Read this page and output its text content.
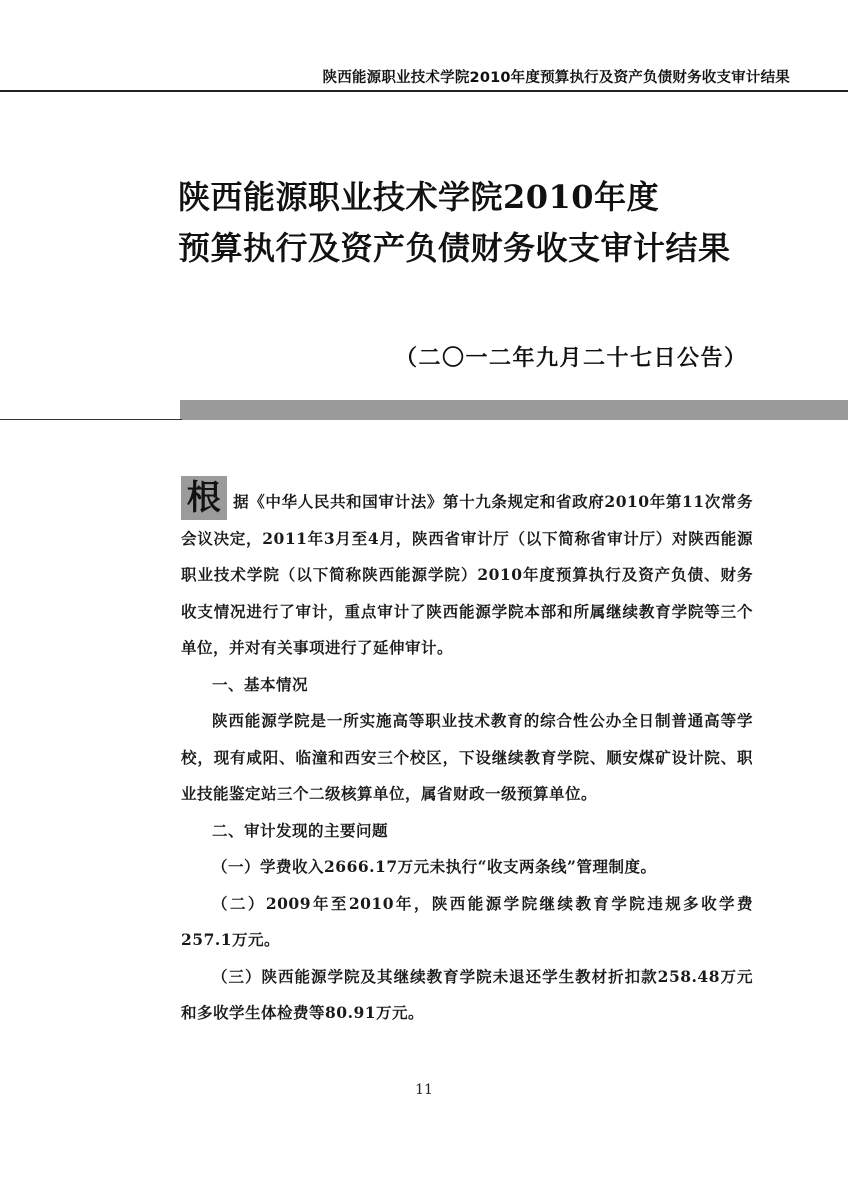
陕西能源职业技术学院2010年度预算执行及资产负债财务收支审计结果
陕西能源职业技术学院2010年度
预算执行及资产负债财务收支审计结果
（二〇一二年九月二十七日公告）

根 据《中华人民共和国审计法》第十九条规定和省政府2010年第11次常务会议决定，2011年3月至4月，陕西省审计厅（以下简称省审计厅）对陕西能源职业技术学院（以下简称陕西能源学院）2010年度预算执行及资产负债、财务收支情况进行了审计，重点审计了陕西能源学院本部和所属继续教育学院等三个单位，并对有关事项进行了延伸审计。

一、基本情况

陕西能源学院是一所实施高等职业技术教育的综合性公办全日制普通高等学校，现有咸阳、临潼和西安三个校区，下设继续教育学院、顺安煤矿设计院、职业技能鉴定站三个二级核算单位，属省财政一级预算单位。

二、审计发现的主要问题

（一）学费收入2666.17万元未执行“收支两条线”管理制度。

（二）2009年至2010年，陕西能源学院继续教育学院违规多收学费257.1万元。

（三）陕西能源学院及其继续教育学院未退还学生教材折扣款258.48万元和多收学生体检费等80.91万元。

11
